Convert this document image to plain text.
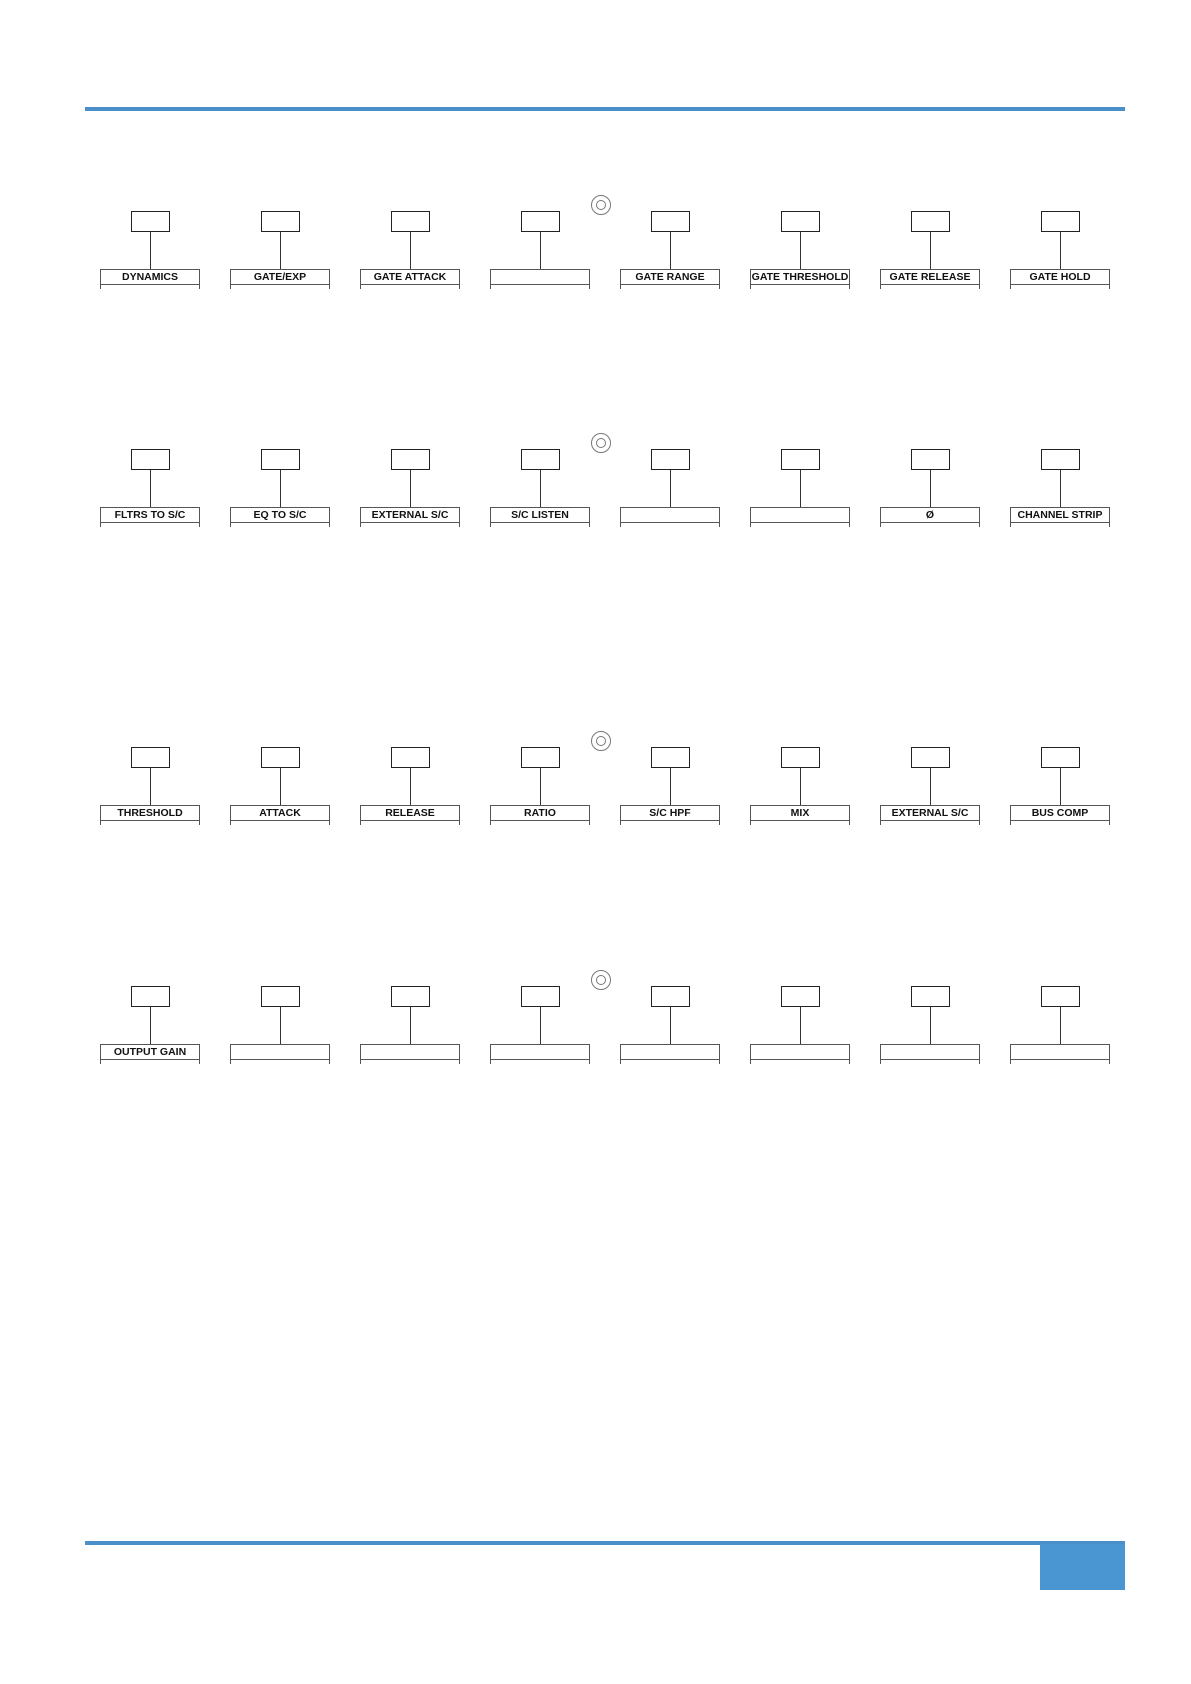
DYNAMICS	GATE/EXP	GATE ATTACK	GATE RANGE	GATE THRESHOLD	GATE RELEASE	GATE HOLD
FLTRS TO S/C	EQ TO S/C	EXTERNAL S/C	S/C LISTEN	Ø	CHANNEL STRIP
THRESHOLD	ATTACK	RELEASE	RATIO	S/C HPF	MIX	EXTERNAL S/C	BUS COMP
OUTPUT GAIN
